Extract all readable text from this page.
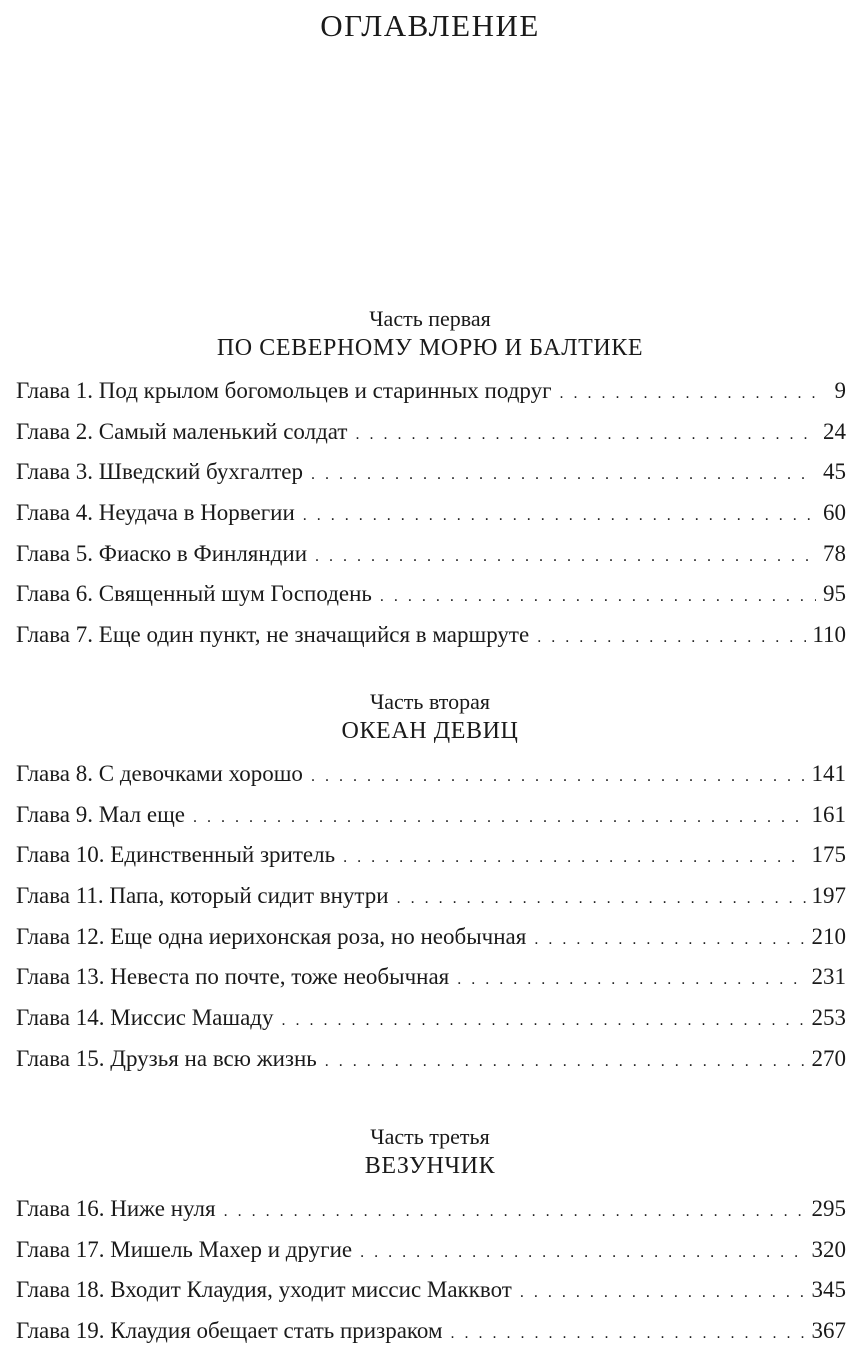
ОГЛАВЛЕНИЕ
Часть первая
ПО СЕВЕРНОМУ МОРЮ И БАЛТИКЕ
Глава 1. Под крылом богомольцев и старинных подруг . . .	9
Глава 2. Самый маленький солдат . . .	24
Глава 3. Шведский бухгалтер . . .	45
Глава 4. Неудача в Норвегии . . .	60
Глава 5. Фиаско в Финляндии . . .	78
Глава 6. Священный шум Господень . . .	95
Глава 7. Еще один пункт, не значащийся в маршруте . . .	110
Часть вторая
ОКЕАН ДЕВИЦ
Глава 8. С девочками хорошо . . .	141
Глава 9. Мал еще . . .	161
Глава 10. Единственный зритель . . .	175
Глава 11. Папа, который сидит внутри . . .	197
Глава 12. Еще одна иерихонская роза, но необычная . . .	210
Глава 13. Невеста по почте, тоже необычная . . .	231
Глава 14. Миссис Машаду . . .	253
Глава 15. Друзья на всю жизнь . . .	270
Часть третья
ВЕЗУНЧИК
Глава 16. Ниже нуля . . .	295
Глава 17. Мишель Махер и другие . . .	320
Глава 18. Входит Клаудия, уходит миссис Макквот . . .	345
Глава 19. Клаудия обещает стать призраком . . .	367
